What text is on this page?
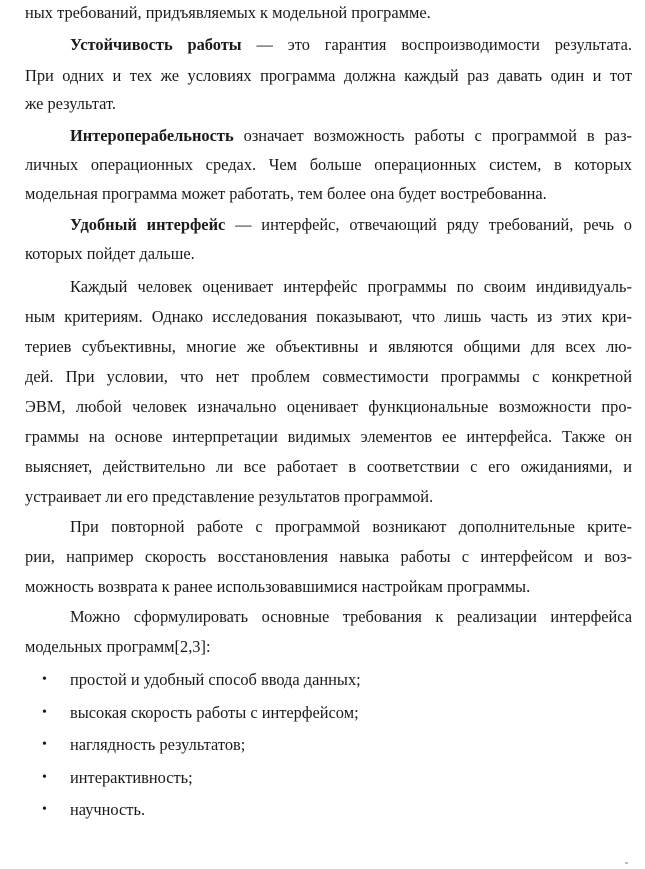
ных требований, придъявляемых к модельной программе.
Устойчивость работы — это гарантия воспроизводимости результата.
При одних и тех же условиях программа должна каждый раз давать один и тот
же результат.
Интероперабельность означает возможность работы с программой в раз-
личных операционных средах. Чем больше операционных систем, в которых
модельная программа может работать, тем более она будет востребованна.
Удобный интерфейс — интерфейс, отвечающий ряду требований, речь о
которых пойдет дальше.
Каждый человек оценивает интерфейс программы по своим индивидуаль-
ным критериям. Однако исследования показывают, что лишь часть из этих кри-
териев субъективны, многие же объективны и являются общими для всех лю-
дей. При условии, что нет проблем совместимости программы с конкретной
ЭВМ, любой человек изначально оценивает функциональные возможности про-
граммы на основе интерпретации видимых элементов ее интерфейса. Также он
выясняет, действительно ли все работает в соответствии с его ожиданиями, и
устраивает ли его представление результатов программой.
При повторной работе с программой возникают дополнительные крите-
рии, например скорость восстановления навыка работы с интерфейсом и воз-
можность возврата к ранее использовавшимися настройкам программы.
Можно сформулировать основные требования к реализации интерфейса
модельных программ[2,3]:
• простой и удобный способ ввода данных;
• высокая скорость работы с интерфейсом;
• наглядность результатов;
• интерактивность;
• научность.
